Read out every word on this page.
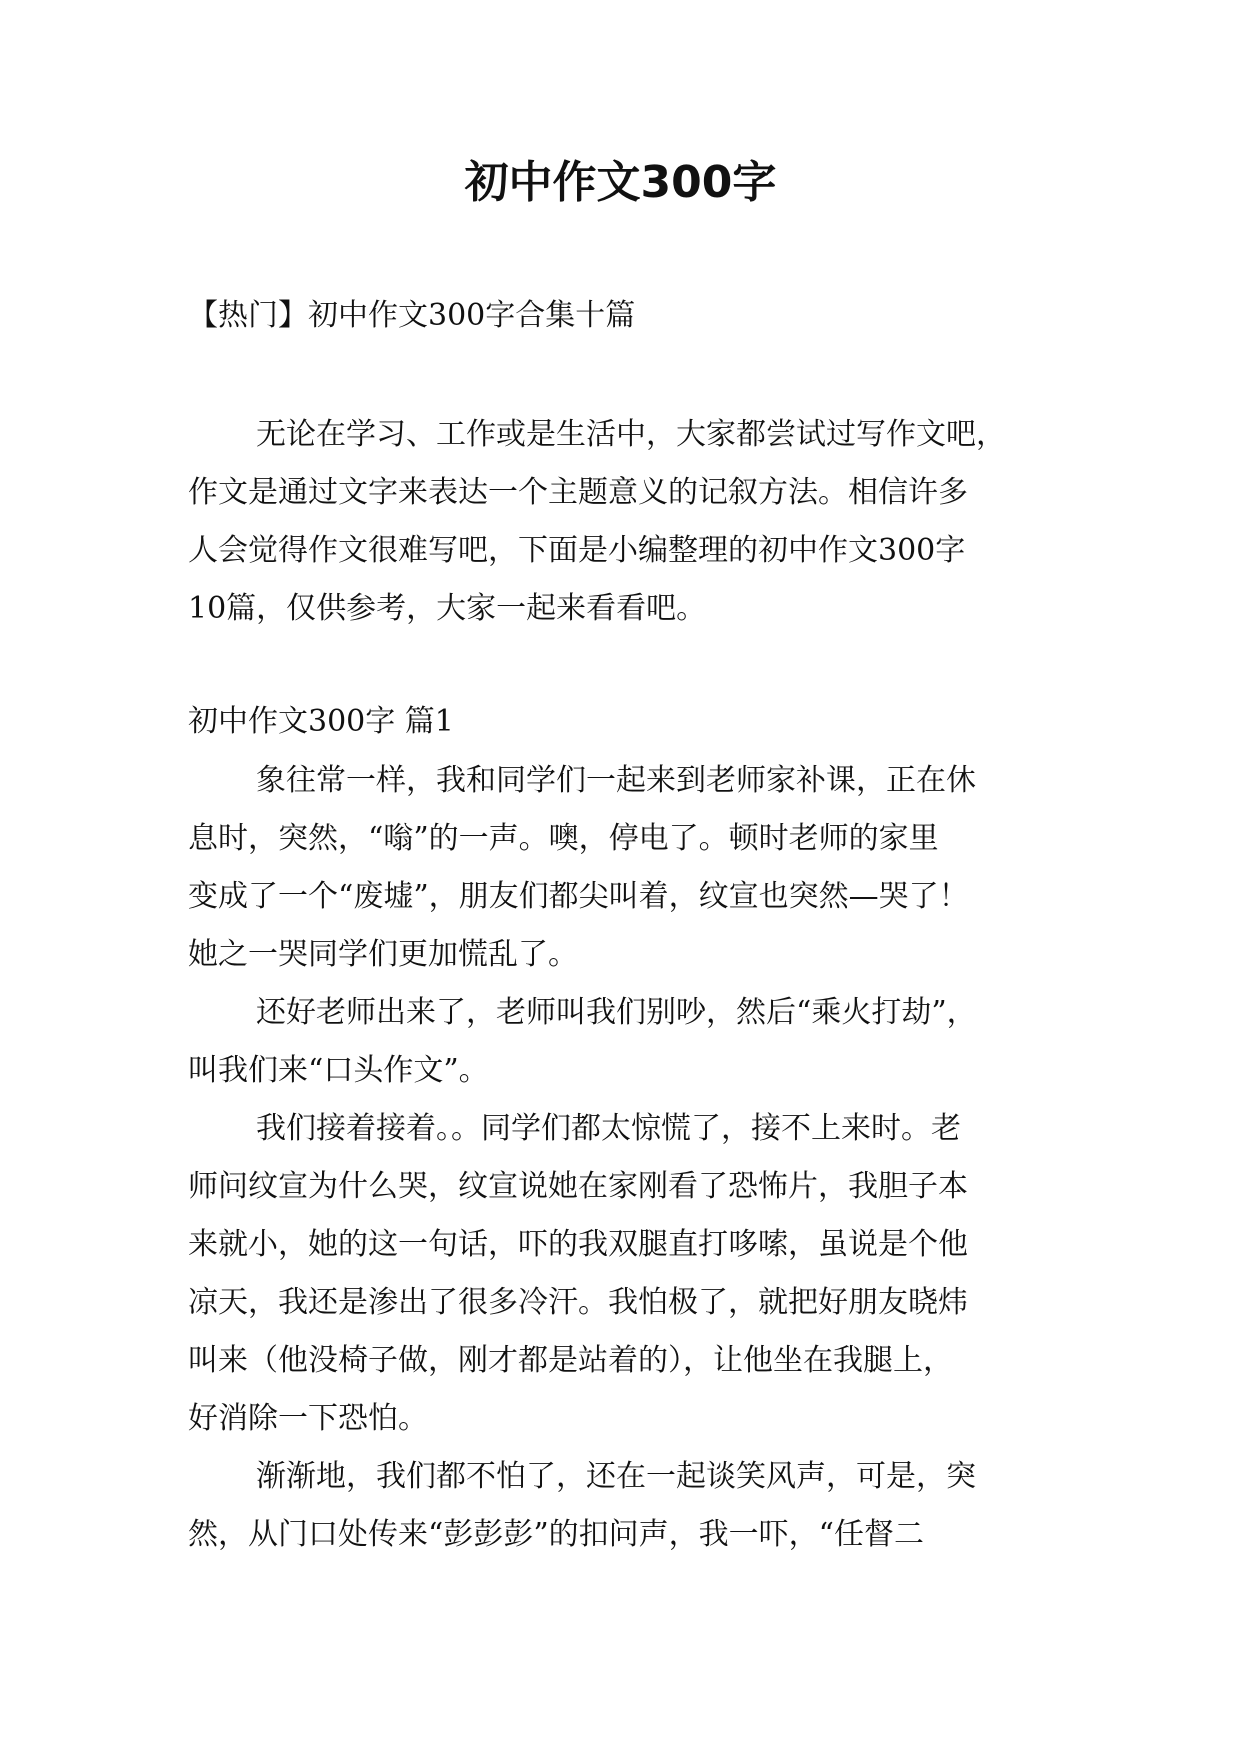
初中作文300字
【热门】初中作文300字合集十篇
无论在学习、工作或是生活中，大家都尝试过写作文吧，
作文是通过文字来表达一个主题意义的记叙方法。相信许多
人会觉得作文很难写吧，下面是小编整理的初中作文300字
10篇，仅供参考，大家一起来看看吧。
初中作文300字 篇1
象往常一样，我和同学们一起来到老师家补课，正在休
息时，突然，“嗡”的一声。噢，停电了。顿时老师的家里
变成了一个“废墟”，朋友们都尖叫着，纹宣也突然—哭了！
她之一哭同学们更加慌乱了。
还好老师出来了，老师叫我们别吵，然后“乘火打劫”，
叫我们来“口头作文”。
我们接着接着。。同学们都太惊慌了，接不上来时。老
师问纹宣为什么哭，纹宣说她在家刚看了恐怖片，我胆子本
来就小，她的这一句话，吓的我双腿直打哆嗦，虽说是个他
凉天，我还是渗出了很多冷汗。我怕极了，就把好朋友晓炜
叫来（他没椅子做，刚才都是站着的），让他坐在我腿上，
好消除一下恐怕。
渐渐地，我们都不怕了，还在一起谈笑风声，可是，突
然，从门口处传来“彭彭彭”的扣问声，我一吓，“任督二
